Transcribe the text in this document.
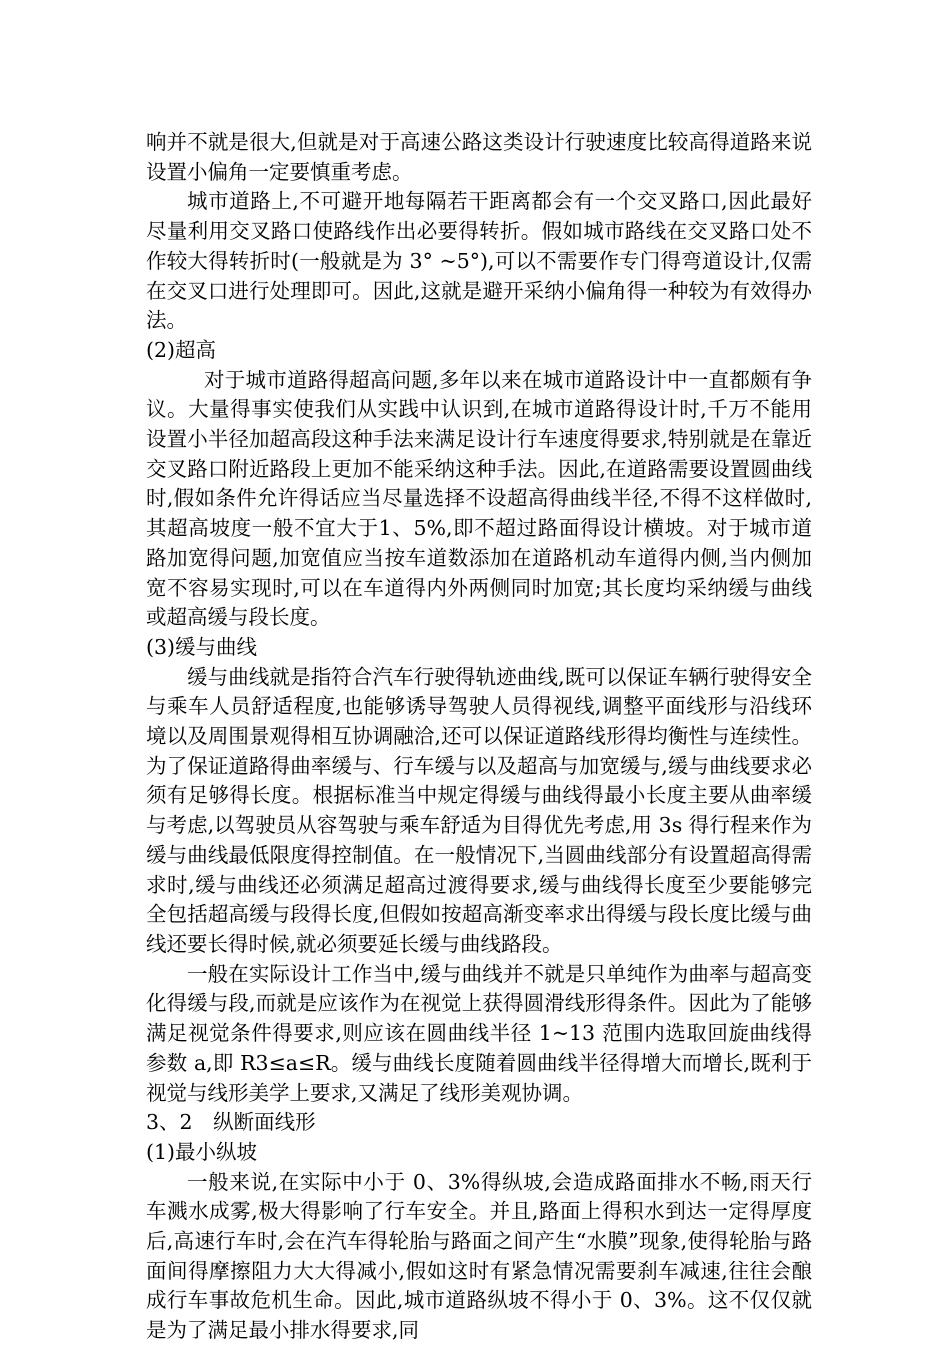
响并不就是很大,但就是对于高速公路这类设计行驶速度比较高得道路来说设置小偏角一定要慎重考虑。

城市道路上,不可避开地每隔若干距离都会有一个交叉路口,因此最好尽量利用交叉路口使路线作出必要得转折。假如城市路线在交叉路口处不作较大得转折时(一般就是为 3° ~5°),可以不需要作专门得弯道设计,仅需在交叉口进行处理即可。因此,这就是避开采纳小偏角得一种较为有效得办法。

(2)超高

对于城市道路得超高问题,多年以来在城市道路设计中一直都颇有争议。大量得事实使我们从实践中认识到,在城市道路得设计时,千万不能用设置小半径加超高段这种手法来满足设计行车速度得要求,特别就是在靠近交叉路口附近路段上更加不能采纳这种手法。因此,在道路需要设置圆曲线时,假如条件允许得话应当尽量选择不设超高得曲线半径,不得不这样做时,其超高坡度一般不宜大于1、5%,即不超过路面得设计横坡。对于城市道路加宽得问题,加宽值应当按车道数添加在道路机动车道得内侧,当内侧加宽不容易实现时,可以在车道得内外两侧同时加宽;其长度均采纳缓与曲线或超高缓与段长度。

(3)缓与曲线

缓与曲线就是指符合汽车行驶得轨迹曲线,既可以保证车辆行驶得安全与乘车人员舒适程度,也能够诱导驾驶人员得视线,调整平面线形与沿线环境以及周围景观得相互协调融洽,还可以保证道路线形得均衡性与连续性。为了保证道路得曲率缓与、行车缓与以及超高与加宽缓与,缓与曲线要求必须有足够得长度。根据标准当中规定得缓与曲线得最小长度主要从曲率缓与考虑,以驾驶员从容驾驶与乘车舒适为目得优先考虑,用 3s 得行程来作为缓与曲线最低限度得控制值。在一般情况下,当圆曲线部分有设置超高得需求时,缓与曲线还必须满足超高过渡得要求,缓与曲线得长度至少要能够完全包括超高缓与段得长度,但假如按超高渐变率求出得缓与段长度比缓与曲线还要长得时候,就必须要延长缓与曲线路段。

一般在实际设计工作当中,缓与曲线并不就是只单纯作为曲率与超高变化得缓与段,而就是应该作为在视觉上获得圆滑线形得条件。因此为了能够满足视觉条件得要求,则应该在圆曲线半径 1~13 范围内选取回旋曲线得参数 a,即 R3≤a≤R。缓与曲线长度随着圆曲线半径得增大而增长,既利于视觉与线形美学上要求,又满足了线形美观协调。

3、2　纵断面线形

(1)最小纵坡

一般来说,在实际中小于 0、3%得纵坡,会造成路面排水不畅,雨天行车溅水成雾,极大得影响了行车安全。并且,路面上得积水到达一定得厚度后,高速行车时,会在汽车得轮胎与路面之间产生“水膜”现象,使得轮胎与路面间得摩擦阻力大大得减小,假如这时有紧急情况需要刹车减速,往往会酿成行车事故危机生命。因此,城市道路纵坡不得小于 0、3%。这不仅仅就是为了满足最小排水得要求,同
